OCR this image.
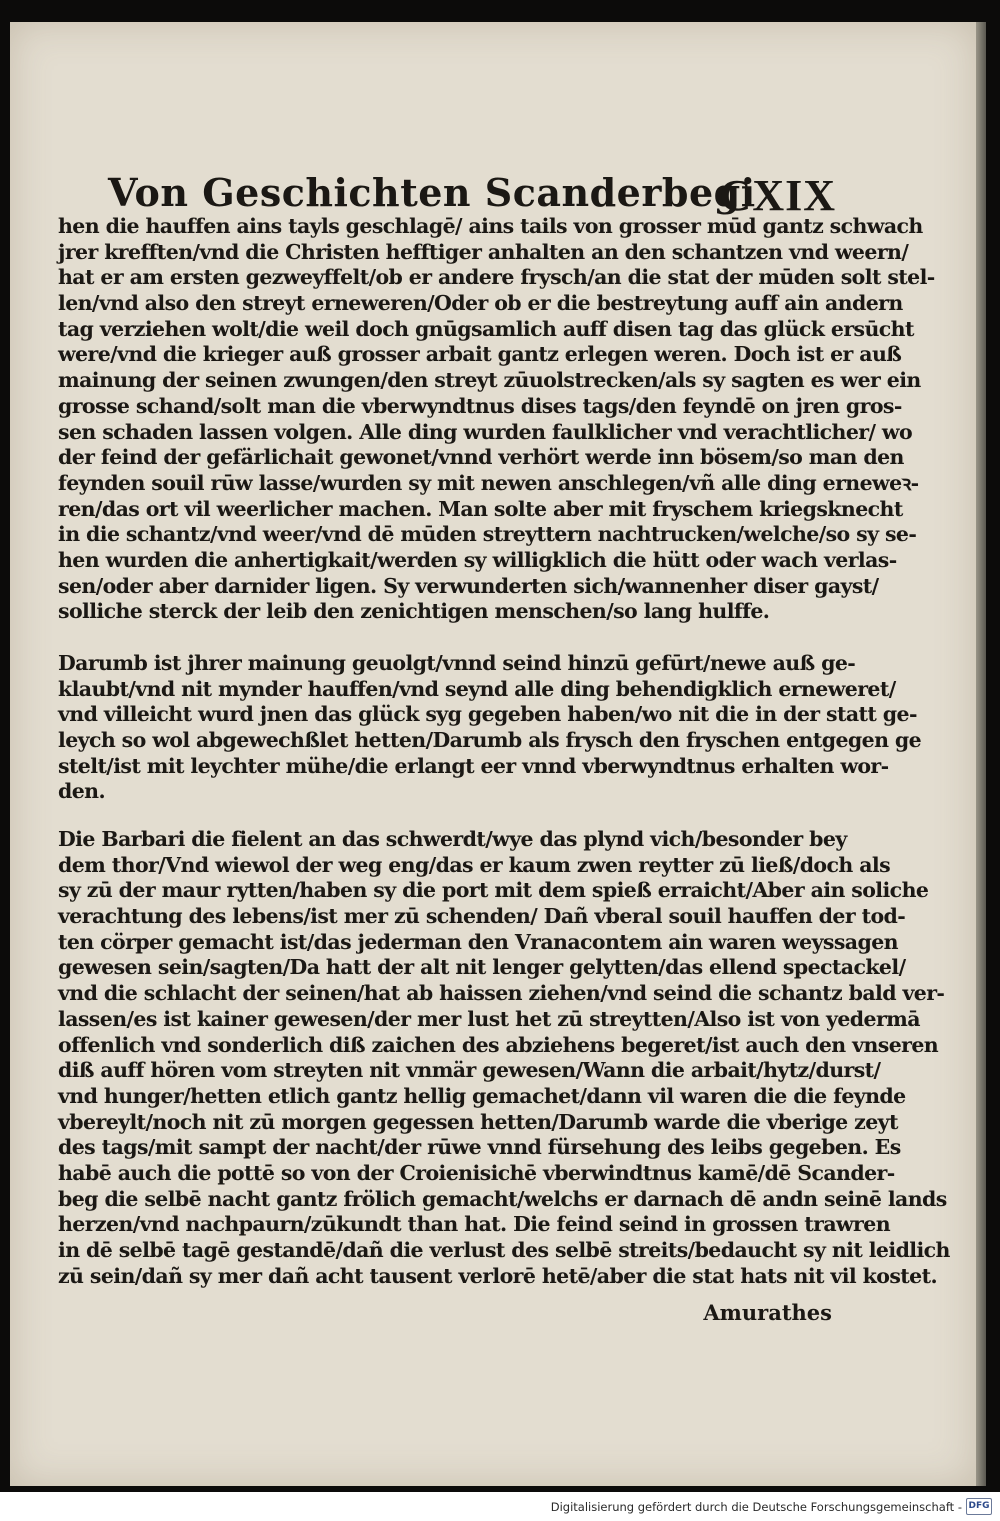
Von Geschichten Scanderbegi
CXIX
hen die hauffen ains tayls geschlagē/ ains tails von grosser mūd gantz schwach
jrer krefften/vnd die Christen hefftiger anhalten an den schantzen vnd weern/
hat er am ersten gezweyffelt/ob er andere frysch/an die stat der mūden solt stel-
len/vnd also den streyt erneweren/Oder ob er die bestreytung auff ain andern
tag verziehen wolt/die weil doch gnūgsamlich auff disen tag das glück ersūcht
were/vnd die krieger auß grosser arbait gantz erlegen weren. Doch ist er auß
mainung der seinen zwungen/den streyt zūuolstrecken/als sy sagten es wer ein
grosse schand/solt man die vberwyndtnus dises tags/den feyndē on jren gros-
sen schaden lassen volgen. Alle ding wurden faulklicher vnd verachtlicher/ wo
der feind der gefärlichait gewonet/vnnd verhört werde inn bösem/so man den
feynden souil rūw lasse/wurden sy mit newen anschlegen/vñ alle ding erneweꝛ-
ren/das ort vil weerlicher machen. Man solte aber mit fryschem kriegsknecht
in die schantz/vnd weer/vnd dē mūden streyttern nachtrucken/welche/so sy se-
hen wurden die anhertigkait/werden sy willigklich die hütt oder wach verlas-
sen/oder aber darnider ligen. Sy verwunderten sich/wannenher diser gayst/
solliche sterck der leib den zenichtigen menschen/so lang hulffe.
Darumb ist jhrer mainung geuolgt/vnnd seind hinzū gefūrt/newe auß ge-
klaubt/vnd nit mynder hauffen/vnd seynd alle ding behendigklich erneweret/
vnd villeicht wurd jnen das glück syg gegeben haben/wo nit die in der statt ge-
leych so wol abgewechßlet hetten/Darumb als frysch den fryschen entgegen ge
stelt/ist mit leychter mühe/die erlangt eer vnnd vberwyndtnus erhalten wor-
den.
Die Barbari die fielent an das schwerdt/wye das plynd vich/besonder bey
dem thor/Vnd wiewol der weg eng/das er kaum zwen reytter zū ließ/doch als
sy zū der maur rytten/haben sy die port mit dem spieß erraicht/Aber ain soliche
verachtung des lebens/ist mer zū schenden/ Dañ vberal souil hauffen der tod-
ten cörper gemacht ist/das jederman den Vranacontem ain waren weyssagen
gewesen sein/sagten/Da hatt der alt nit lenger gelytten/das ellend spectackel/
vnd die schlacht der seinen/hat ab haissen ziehen/vnd seind die schantz bald ver-
lassen/es ist kainer gewesen/der mer lust het zū streytten/Also ist von yedermā
offenlich vnd sonderlich diß zaichen des abziehens begeret/ist auch den vnseren
diß auff hören vom streyten nit vnmär gewesen/Wann die arbait/hytz/durst/
vnd hunger/hetten etlich gantz hellig gemachet/dann vil waren die die feynde
vbereylt/noch nit zū morgen gegessen hetten/Darumb warde die vberige zeyt
des tags/mit sampt der nacht/der rūwe vnnd fürsehung des leibs gegeben. Es
habē auch die pottē so von der Croienisichē vberwindtnus kamē/dē Scander-
beg die selbē nacht gantz frölich gemacht/welchs er darnach dē andn seinē lands
herzen/vnd nachpaurn/zūkundt than hat. Die feind seind in grossen trawren
in dē selbē tagē gestandē/dañ die verlust des selbē streits/bedaucht sy nit leidlich
zū sein/dañ sy mer dañ acht tausent verlorē hetē/aber die stat hats nit vil kostet.
Amurathes
Digitalisierung gefördert durch die Deutsche Forschungsgemeinschaft - DFG
